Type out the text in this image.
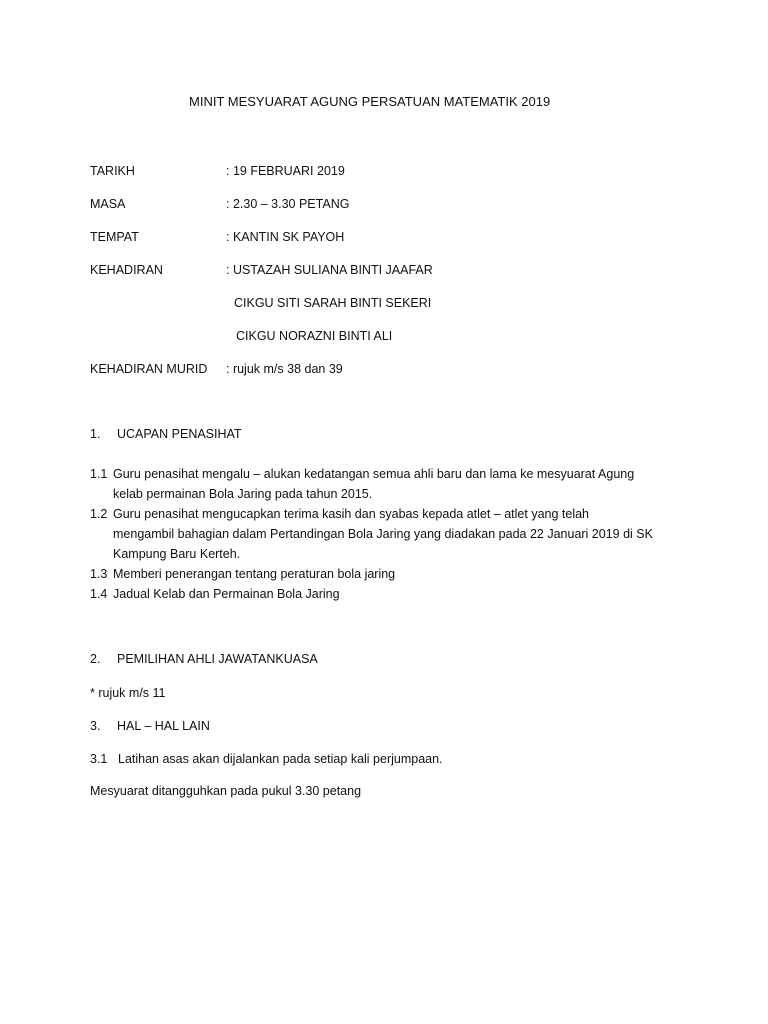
MINIT MESYUARAT AGUNG PERSATUAN MATEMATIK 2019
TARIKH	: 19 FEBRUARI 2019
MASA	: 2.30 – 3.30 PETANG
TEMPAT	: KANTIN SK PAYOH
KEHADIRAN	: USTAZAH SULIANA BINTI JAAFAR
CIKGU SITI SARAH BINTI SEKERI
CIKGU NORAZNI BINTI ALI
KEHADIRAN MURID : rujuk m/s 38 dan 39
1. UCAPAN PENASIHAT
1.1 Guru penasihat mengalu – alukan kedatangan semua ahli baru dan lama ke mesyuarat Agung
kelab permainan Bola Jaring pada tahun 2015.
1.2 Guru penasihat mengucapkan terima kasih dan syabas kepada atlet – atlet yang telah
mengambil bahagian dalam Pertandingan Bola Jaring yang diadakan pada 22 Januari 2019 di SK
Kampung Baru Kerteh.
1.3 Memberi penerangan tentang peraturan bola jaring
1.4 Jadual Kelab dan Permainan Bola Jaring
2. PEMILIHAN AHLI JAWATANKUASA
* rujuk m/s 11
3. HAL – HAL LAIN
3.1 Latihan asas akan dijalankan pada setiap kali perjumpaan.
Mesyuarat ditangguhkan pada pukul 3.30 petang
